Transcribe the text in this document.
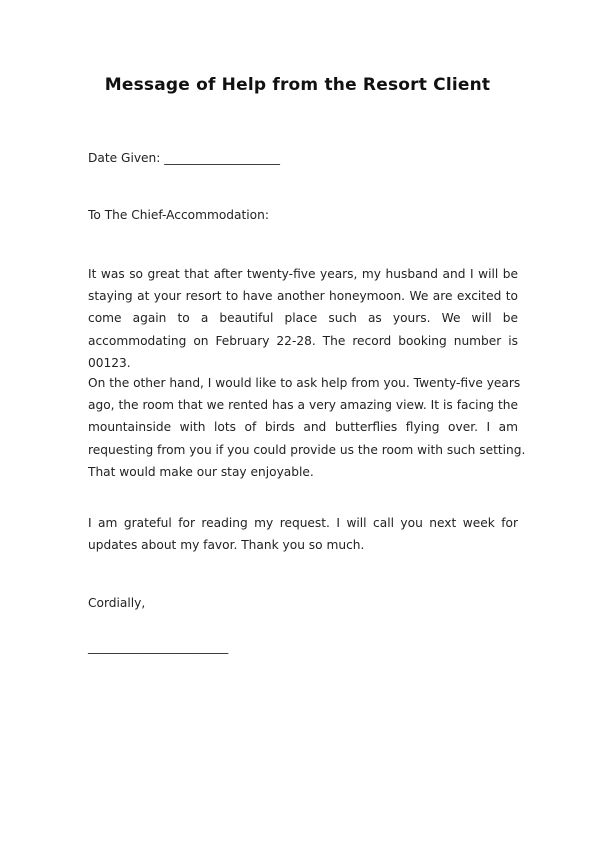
Message of Help from the Resort Client
Date Given: ___________________
To The Chief-Accommodation:
It was so great that after twenty-five years, my husband and I will be
staying at your resort to have another honeymoon. We are excited to
come again to a beautiful place such as yours. We will be
accommodating on February 22-28. The record booking number is
00123.
On the other hand, I would like to ask help from you. Twenty-five years
ago, the room that we rented has a very amazing view. It is facing the
mountainside with lots of birds and butterflies flying over. I am
requesting from you if you could provide us the room with such setting.
That would make our stay enjoyable.
I am grateful for reading my request. I will call you next week for
updates about my favor. Thank you so much.
Cordially,
_______________________
